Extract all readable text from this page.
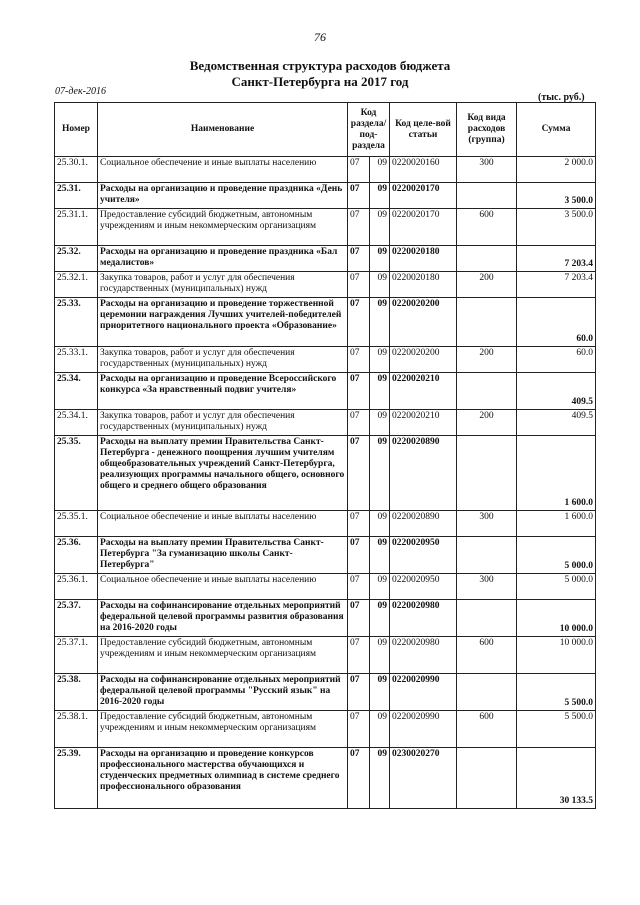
76
Ведомственная структура расходов бюджета
Санкт-Петербурга на 2017 год
07-дек-2016
(тыс. руб.)
Номер	Наименование	Код раздела/ под-раздела		Код целе-вой статьи	Код вида расходов (группа)	Сумма
25.30.1.	Социальное обеспечение и иные выплаты населению	07	09	0220020160	300	2 000.0
25.31.	Расходы на организацию и проведение праздника «День учителя»	07	09	0220020170		3 500.0
25.31.1.	Предоставление субсидий бюджетным, автономным учреждениям и иным некоммерческим организациям	07	09	0220020170	600	3 500.0
25.32.	Расходы на организацию и проведение праздника «Бал медалистов»	07	09	0220020180		7 203.4
25.32.1.	Закупка товаров, работ и услуг для обеспечения государственных (муниципальных) нужд	07	09	0220020180	200	7 203.4
25.33.	Расходы на организацию и проведение торжественной церемонии награждения Лучших учителей-победителей приоритетного национального проекта «Образование»	07	09	0220020200		60.0
25.33.1.	Закупка товаров, работ и услуг для обеспечения государственных (муниципальных) нужд	07	09	0220020200	200	60.0
25.34.	Расходы на организацию и проведение Всероссийского конкурса «За нравственный подвиг учителя»	07	09	0220020210		409.5
25.34.1.	Закупка товаров, работ и услуг для обеспечения государственных (муниципальных) нужд	07	09	0220020210	200	409.5
25.35.	Расходы на выплату премии Правительства Санкт-Петербурга - денежного поощрения лучшим учителям общеобразовательных учреждений Санкт-Петербурга, реализующих программы начального общего, основного общего и среднего общего образования	07	09	0220020890		1 600.0
25.35.1.	Социальное обеспечение и иные выплаты населению	07	09	0220020890	300	1 600.0
25.36.	Расходы на выплату премии Правительства Санкт-Петербурга "За гуманизацию школы Санкт-Петербурга"	07	09	0220020950		5 000.0
25.36.1.	Социальное обеспечение и иные выплаты населению	07	09	0220020950	300	5 000.0
25.37.	Расходы на софинансирование отдельных мероприятий федеральной целевой программы развития образования на 2016-2020 годы	07	09	0220020980		10 000.0
25.37.1.	Предоставление субсидий бюджетным, автономным учреждениям и иным некоммерческим организациям	07	09	0220020980	600	10 000.0
25.38.	Расходы на софинансирование отдельных мероприятий федеральной целевой программы "Русский язык" на 2016-2020 годы	07	09	0220020990		5 500.0
25.38.1.	Предоставление субсидий бюджетным, автономным учреждениям и иным некоммерческим организациям	07	09	0220020990	600	5 500.0
25.39.	Расходы на организацию и проведение конкурсов профессионального мастерства обучающихся и студенческих предметных олимпиад в системе среднего профессионального образования	07	09	0230020270		30 133.5
